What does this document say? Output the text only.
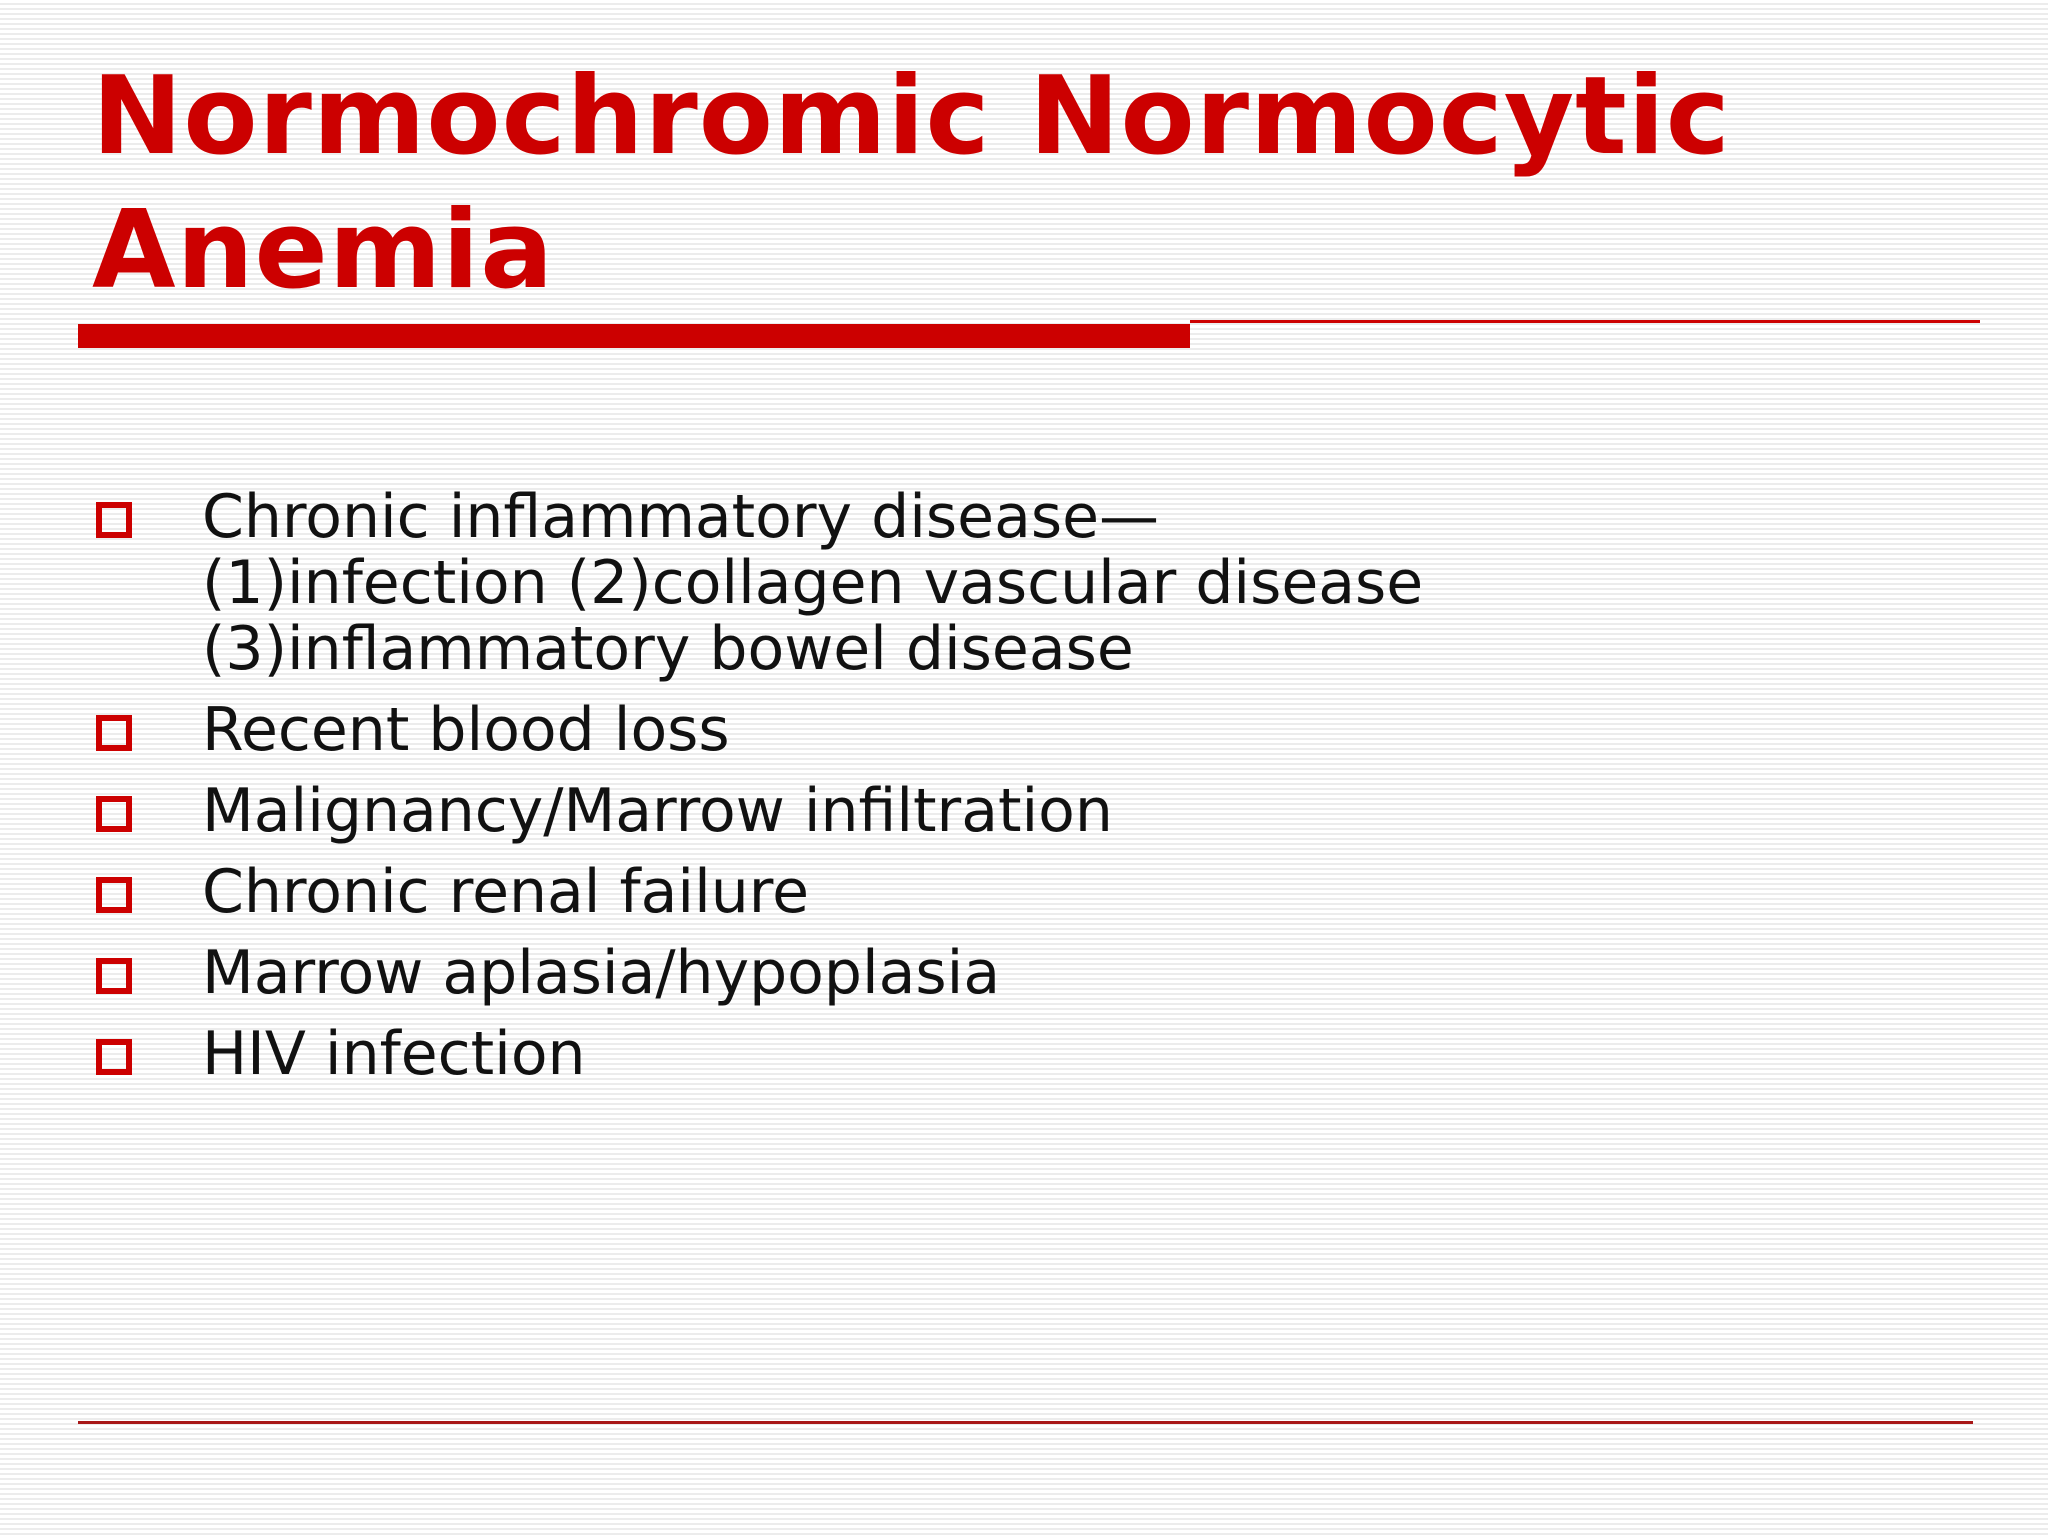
Normochromic Normocytic
Anemia
Chronic inflammatory disease—
(1)infection (2)collagen vascular disease
(3)inflammatory bowel disease
Recent blood loss
Malignancy/Marrow infiltration
Chronic renal failure
Marrow aplasia/hypoplasia
HIV infection
